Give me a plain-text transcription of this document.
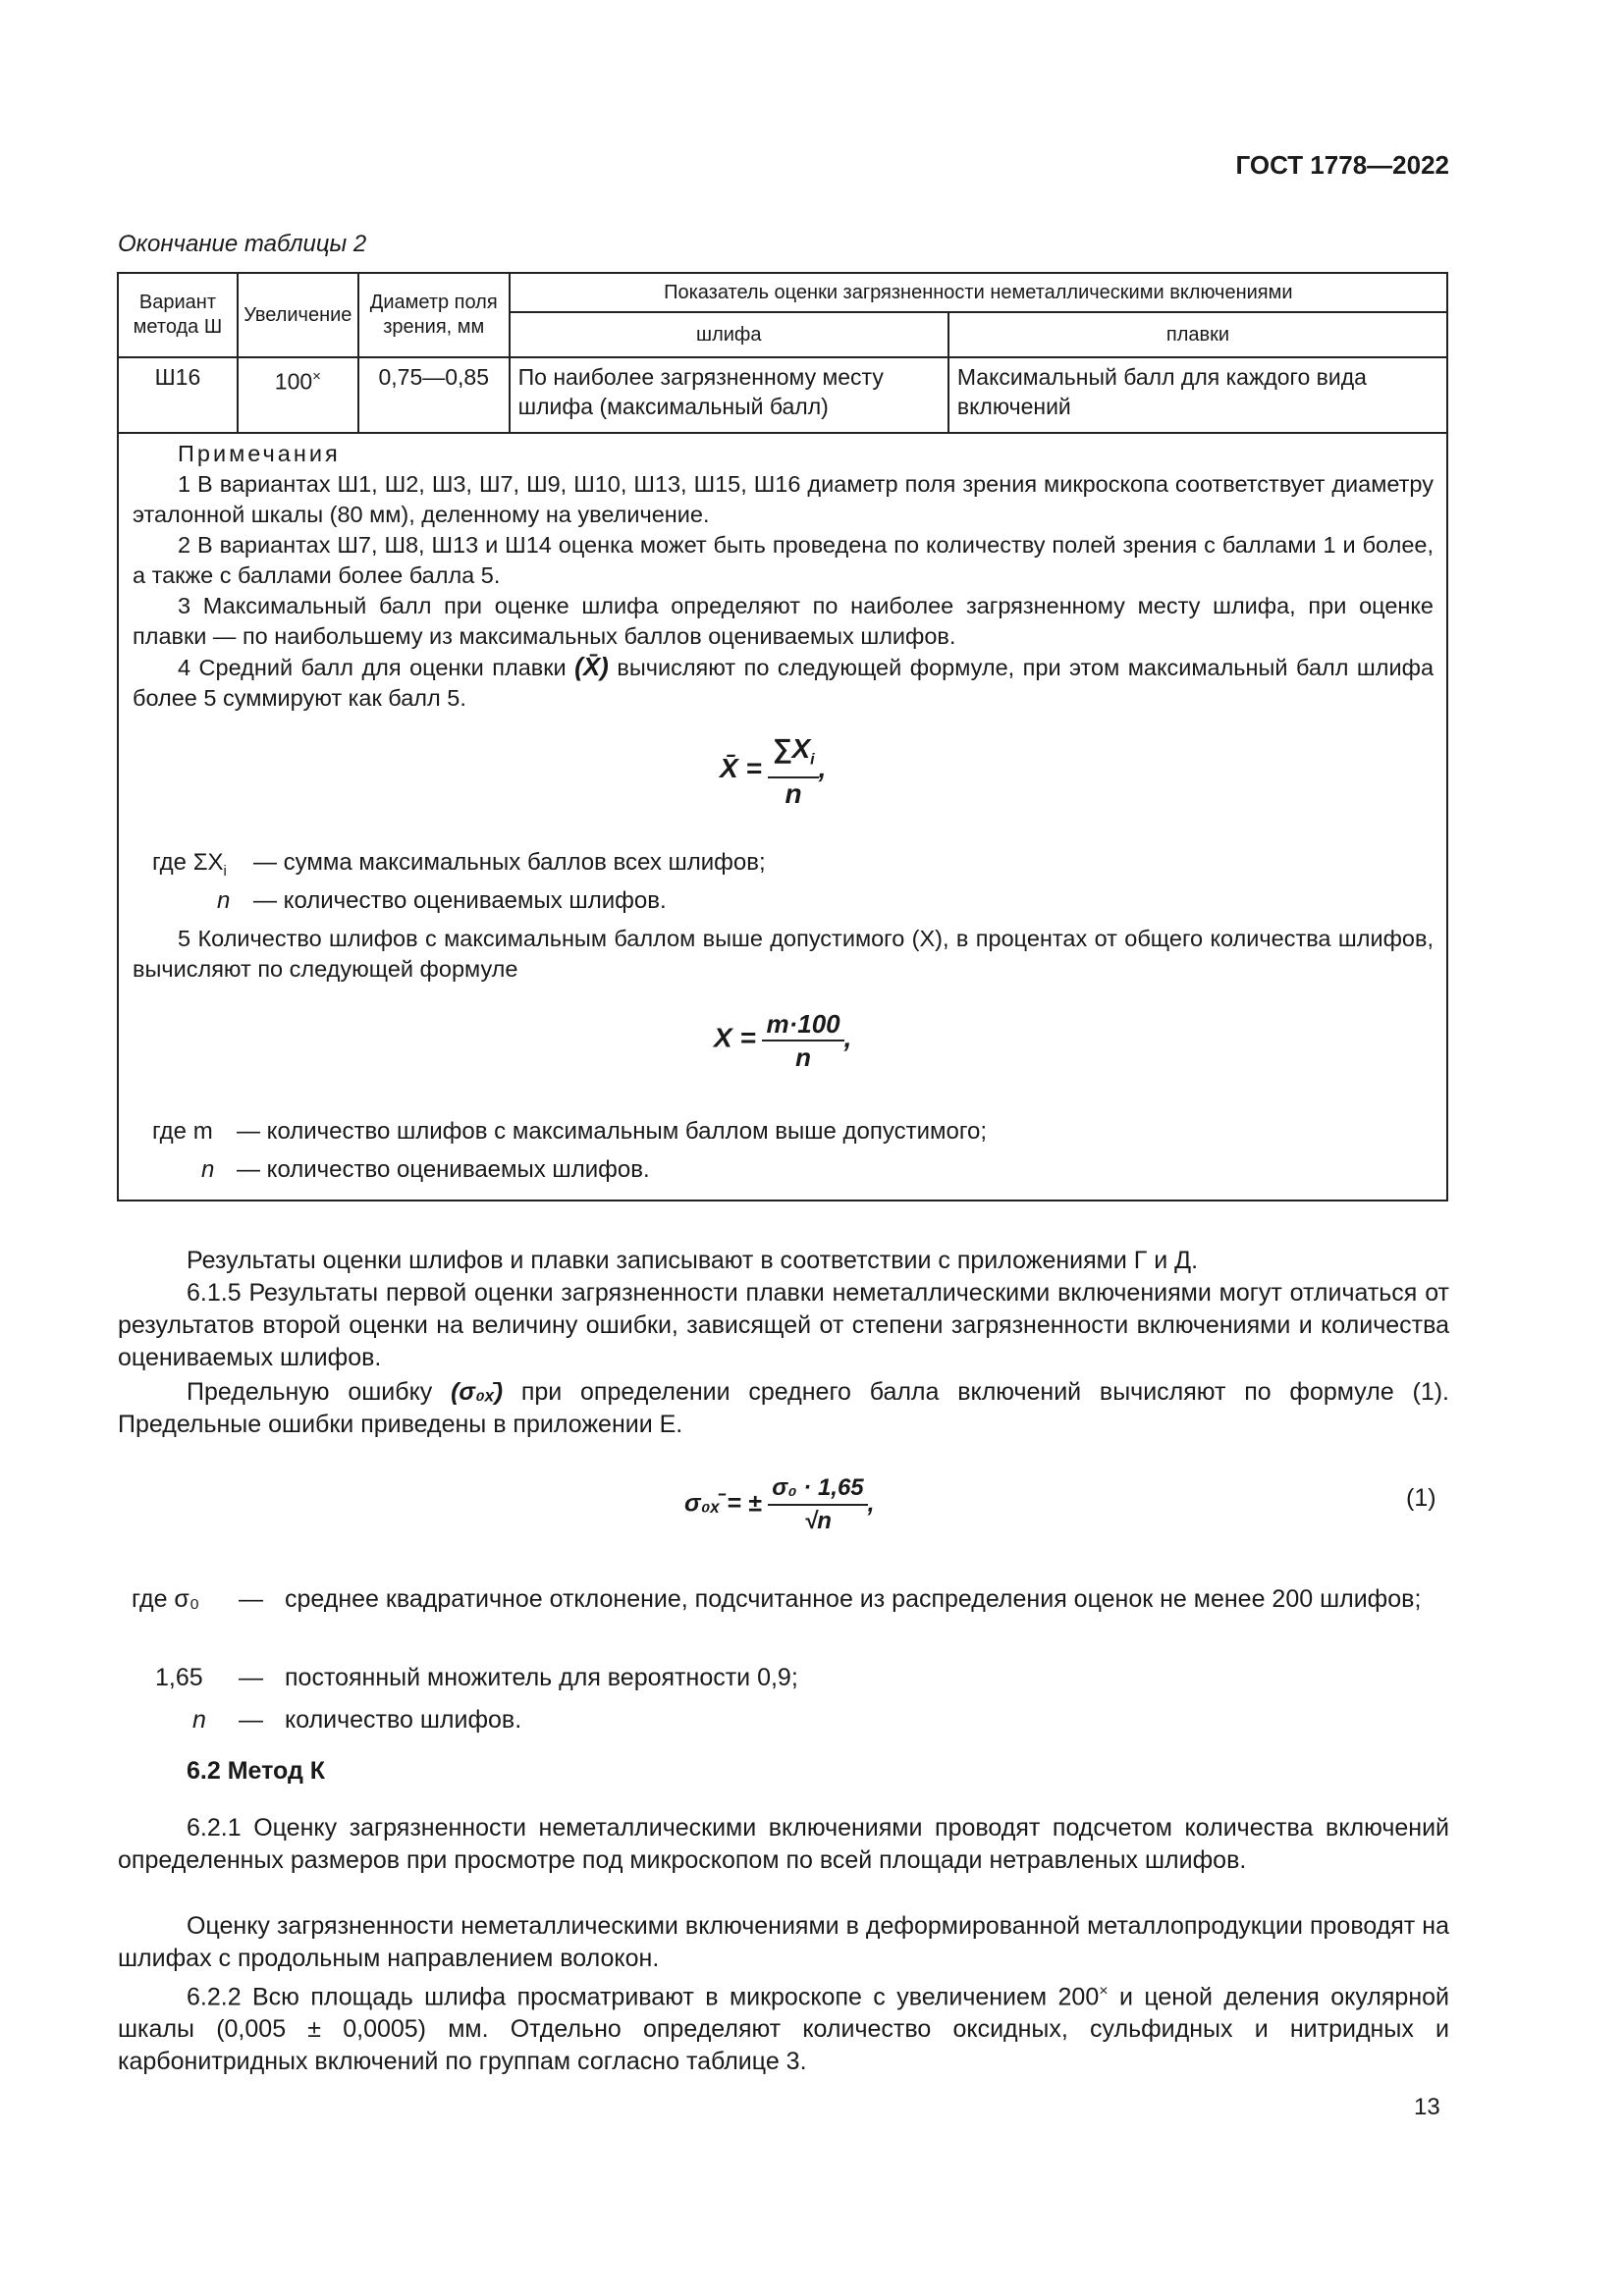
ГОСТ 1778—2022
Окончание таблицы 2
Вариант метода Ш	Увеличение	Диаметр поля зрения, мм	Показатель оценки загрязненности неметаллическими включениями	
			шлифа	плавки
Ш16	100×	0,75—0,85	По наиболее загрязненному месту шлифа (максимальный балл)	Максимальный балл для каждого вида включений
Примечания
1 В вариантах Ш1, Ш2, Ш3, Ш7, Ш9, Ш10, Ш13, Ш15, Ш16 диаметр поля зрения микроскопа соответствует диаметру эталонной шкалы (80 мм), деленному на увеличение.
2 В вариантах Ш7, Ш8, Ш13 и Ш14 оценка может быть проведена по количеству полей зрения с баллами 1 и более, а также с баллами более балла 5.
3 Максимальный балл при оценке шлифа определяют по наиболее загрязненному месту шлифа, при оценке плавки — по наибольшему из максимальных баллов оцениваемых шлифов.
4 Средний балл для оценки плавки (X̄) вычисляют по следующей формуле, при этом максимальный балл шлифа более 5 суммируют как балл 5.
X̄ = $\frac{\sum X_i}{n}$ ,
где $\Sigma X_i$ — сумма максимальных баллов всех шлифов;
n — количество оцениваемых шлифов.
5 Количество шлифов с максимальным баллом выше допустимого (X), в процентах от общего количества шлифов, вычисляют по следующей формуле
$X = \frac{m\cdot 100}{n}$ ,
где m — количество шлифов с максимальным баллом выше допустимого;
n — количество оцениваемых шлифов.
Результаты оценки шлифов и плавки записывают в соответствии с приложениями Г и Д.
6.1.5 Результаты первой оценки загрязненности плавки неметаллическими включениями могут отличаться от результатов второй оценки на величину ошибки, зависящей от степени загрязненности включениями и количества оцениваемых шлифов.
Предельную ошибку (σ₀ₓ̄) при определении среднего балла включений вычисляют по формуле (1). Предельные ошибки приведены в приложении Е.
σ₀ₓ̄ = ± $\frac{\text{σ₀ · 1,65}}{√n}$ ,	(1)
где σ₀ — среднее квадратичное отклонение, подсчитанное из распределения оценок не менее 200 шлифов;
1,65 — постоянный множитель для вероятности 0,9;
n — количество шлифов.
6.2 Метод К
6.2.1 Оценку загрязненности неметаллическими включениями проводят подсчетом количества включений определенных размеров при просмотре под микроскопом по всей площади нетравленых шлифов.
Оценку загрязненности неметаллическими включениями в деформированной металлопродукции проводят на шлифах с продольным направлением волокон.
6.2.2 Всю площадь шлифа просматривают в микроскопе с увеличением 200× и ценой деления окулярной шкалы (0,005 ± 0,0005) мм. Отдельно определяют количество оксидных, сульфидных и нитридных и карбонитридных включений по группам согласно таблице 3.
13
